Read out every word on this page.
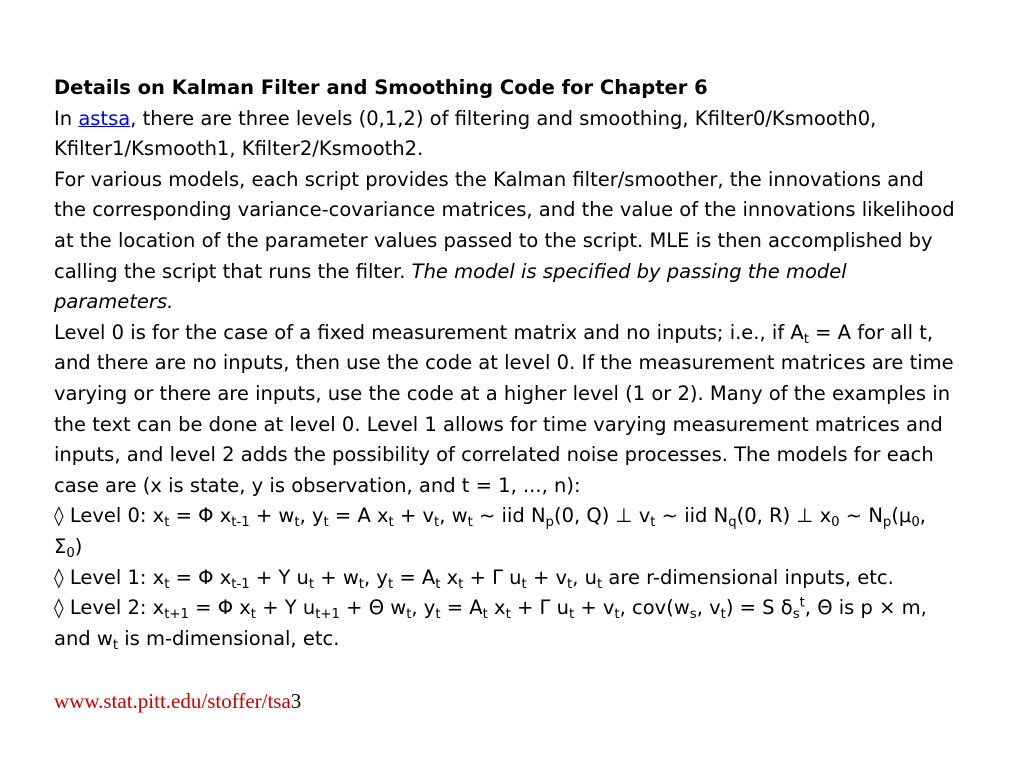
Details on Kalman Filter and Smoothing Code for Chapter 6

In astsa, there are three levels (0,1,2) of filtering and smoothing, Kfilter0/Ksmooth0, Kfilter1/Ksmooth1, Kfilter2/Ksmooth2.

For various models, each script provides the Kalman filter/smoother, the innovations and the corresponding variance-covariance matrices, and the value of the innovations likelihood at the location of the parameter values passed to the script. MLE is then accomplished by calling the script that runs the filter. The model is specified by passing the model parameters.

Level 0 is for the case of a fixed measurement matrix and no inputs; i.e., if $A_t = A$ for all t, and there are no inputs, then use the code at level 0. If the measurement matrices are time varying or there are inputs, use the code at a higher level (1 or 2). Many of the examples in the text can be done at level 0. Level 1 allows for time varying measurement matrices and inputs, and level 2 adds the possibility of correlated noise processes. The models for each case are (x is state, y is observation, and t = 1, ..., n):

◊ Level 0: $x_t = \Phi$ $x_{t-1} + w_t$, $y_t = A$ $x_t + v_t$, $w_t$ ~ iid $N_p(0$, Q) ⊥ $v_t$ ~ iid $N_q(0$, R) ⊥ $x_0$ ~ $N_p(\mu_0$, $\Sigma_0$)

◊ Level 1: $x_t = \Phi$ $x_{t-1} + \Upsilon$ $u_t + w_t$, $y_t = A_t$ $x_t + \Gamma$ $u_t + v_t$, $u_t$ are r-dimensional inputs, etc.

◊ Level 2: $x_{t+1} = \Phi$ $x_t + \Upsilon$ $u_{t+1} + \Theta$ $w_t$, $y_t = A_t$ $x_t + \Gamma$ $u_t + v_t$, $cov(w_s$, $v_t) = S$ $\delta_s^t$, Θ is p × m, and $w_t$ is m-dimensional, etc.

www.stat.pitt.edu/stoffer/tsa3
